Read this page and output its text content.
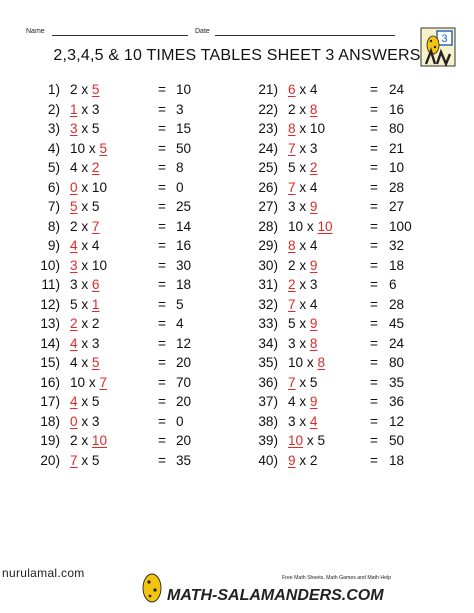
Name	Date
3
2,3,4,5 & 10 TIMES TABLES SHEET 3 ANSWERS
1) 2 x 5	= 10
2) 1 x 3	= 3
3) 3 x 5	= 15
4) 10 x 5	= 50
5) 4 x 2	= 8
6) 0 x 10	= 0
7) 5 x 5	= 25
8) 2 x 7	= 14
9) 4 x 4	= 16
10) 3 x 10	= 30
11) 3 x 6	= 18
12) 5 x 1	= 5
13) 2 x 2	= 4
14) 4 x 3	= 12
15) 4 x 5	= 20
16) 10 x 7	= 70
17) 4 x 5	= 20
18) 0 x 3	= 0
19) 2 x 10	= 20
20) 7 x 5	= 35
21) 6 x 4	= 24
22) 2 x 8	= 16
23) 8 x 10	= 80
24) 7 x 3	= 21
25) 5 x 2	= 10
26) 7 x 4	= 28
27) 3 x 9	= 27
28) 10 x 10	= 100
29) 8 x 4	= 32
30) 2 x 9	= 18
31) 2 x 3	= 6
32) 7 x 4	= 28
33) 5 x 9	= 45
34) 3 x 8	= 24
35) 10 x 8	= 80
36) 7 x 5	= 35
37) 4 x 9	= 36
38) 3 x 4	= 12
39) 10 x 5	= 50
40) 9 x 2	= 18
nurulamal.com
MATH-SALAMANDERS.COM
Free Math Sheets, Math Games and Math Help
